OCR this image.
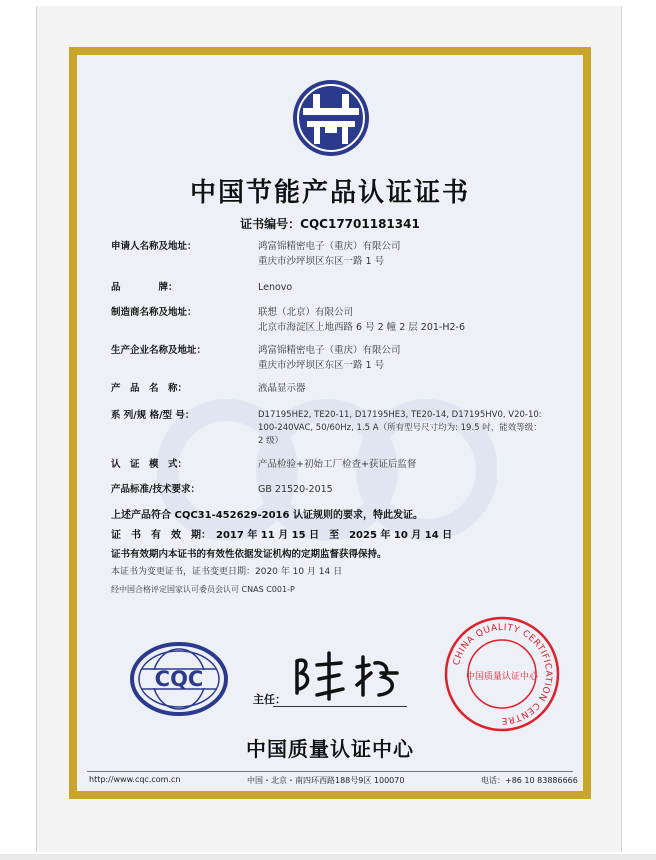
中国节能产品认证证书
证书编号：CQC17701181341
申请人名称及地址：	鸿富锦精密电子（重庆）有限公司
重庆市沙坪坝区东区一路 1 号
品　　　　牌：	Lenovo
制造商名称及地址：	联想（北京）有限公司
北京市海淀区上地西路 6 号 2 幢 2 层 201-H2-6
生产企业名称及地址：	鸿富锦精密电子（重庆）有限公司
重庆市沙坪坝区东区一路 1 号
产　品　名　称：	液晶显示器
系 列/规 格/型 号：	D17195HE2, TE20-11, D17195HE3, TE20-14, D17195HV0, V20-10:
100-240VAC, 50/60Hz, 1.5 A（所有型号尺寸均为: 19.5 吋，能效等级：
2 级）
认　证　模　式：	产品检验+初始工厂检查+获证后监督
产品标准/技术要求：	GB 21520-2015
上述产品符合 CQC31-452629-2016 认证规则的要求，特此发证。
证　书　有　效　期：　2017 年 11 月 15 日　至　2025 年 10 月 14 日
证书有效期内本证书的有效性依据发证机构的定期监督获得保持。
本证书为变更证书，证书变更日期：2020 年 10 月 14 日
经中国合格评定国家认可委员会认可 CNAS C001-P
CQC
主任：
CHINA QUALITY CERTIFICATION CENTRE
中国质量认证中心
中国质量认证中心
http://www.cqc.com.cn	中国・北京・南四环西路188号9区 100070	电话：+86 10 83886666
